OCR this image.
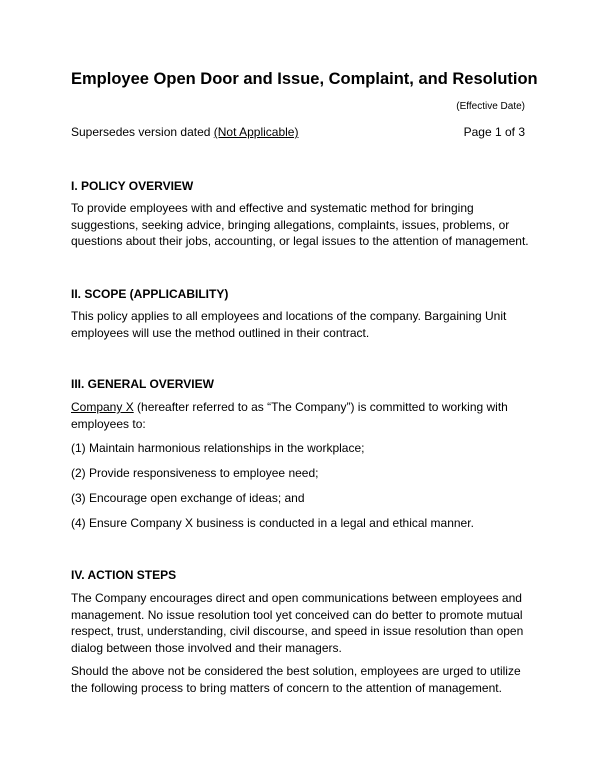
Employee Open Door and Issue, Complaint, and Resolution
(Effective Date)
Supersedes version dated (Not Applicable)	Page 1 of 3
I. POLICY OVERVIEW

To provide employees with and effective and systematic method for bringing suggestions, seeking advice, bringing allegations, complaints, issues, problems, or questions about their jobs, accounting, or legal issues to the attention of management.

II. SCOPE (APPLICABILITY)

This policy applies to all employees and locations of the company. Bargaining Unit employees will use the method outlined in their contract.

III. GENERAL OVERVIEW

Company X (hereafter referred to as “The Company”) is committed to working with employees to:

(1) Maintain harmonious relationships in the workplace;

(2) Provide responsiveness to employee need;

(3) Encourage open exchange of ideas; and

(4) Ensure Company X business is conducted in a legal and ethical manner.

IV. ACTION STEPS

The Company encourages direct and open communications between employees and management. No issue resolution tool yet conceived can do better to promote mutual respect, trust, understanding, civil discourse, and speed in issue resolution than open dialog between those involved and their managers.

Should the above not be considered the best solution, employees are urged to utilize the following process to bring matters of concern to the attention of management.
